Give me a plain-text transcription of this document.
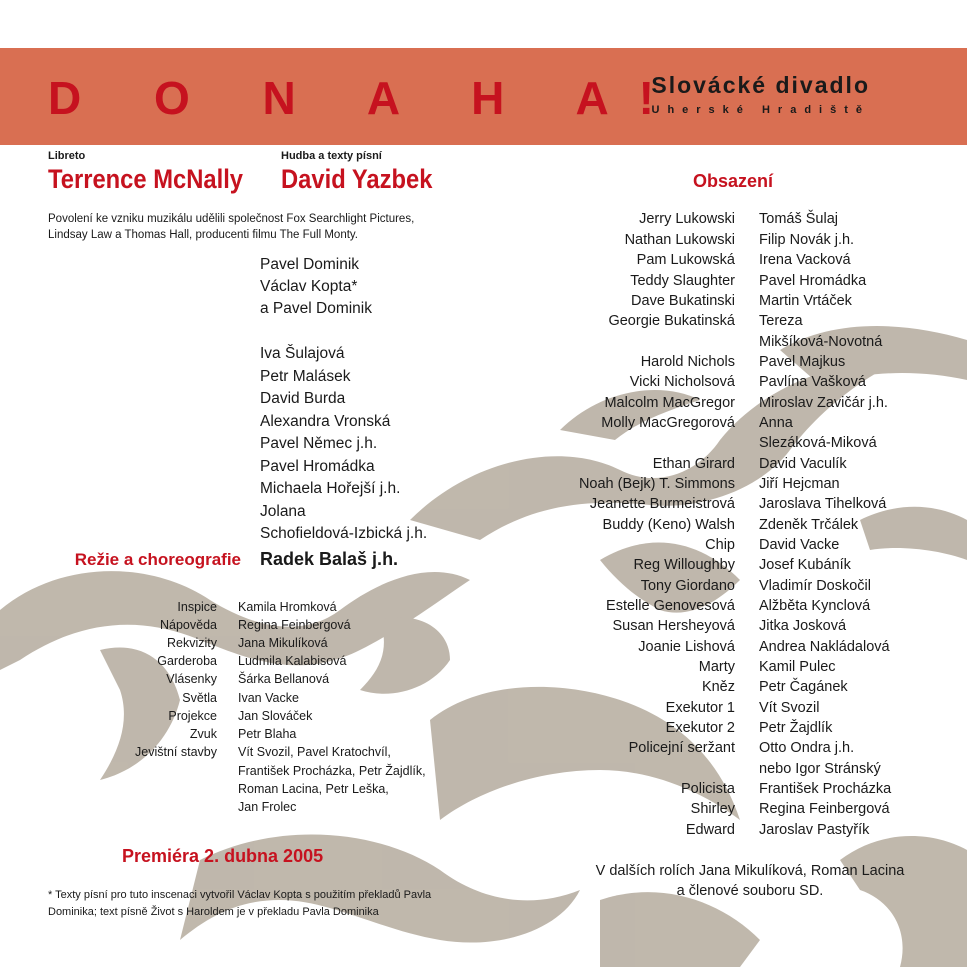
D O N A H A!
Slovácké divadlo
Uherské Hradiště
Libreto
Terrence McNally
Hudba a texty písní
David Yazbek
Povolení ke vzniku muzikálu udělili společnost Fox Searchlight Pictures, Lindsay Law a Thomas Hall, producenti filmu The Full Monty.
Pavel Dominik
Václav Kopta*
a Pavel Dominik
Iva Šulajová
Petr Malásek
David Burda
Alexandra Vronská
Pavel Němec j.h.
Pavel Hromádka
Michaela Hořejší j.h.
Jolana
Schofieldová-Izbická j.h.
Režie a choreografie Radek Balaš j.h.
Inspice Kamila Hromková
Nápověda Regina Feinbergová
Rekvizity Jana Mikulíková
Garderoba Ludmila Kalabisová
Vlásenky Šárka Bellanová
Světla Ivan Vacke
Projekce Jan Slováček
Zvuk Petr Blaha
Jevištní stavby Vít Svozil, Pavel Kratochvíl,
František Procházka, Petr Žajdlík,
Roman Lacina, Petr Leška,
Jan Frolec
Premiéra 2. dubna 2005
* Texty písní pro tuto inscenaci vytvořil Václav Kopta s použitím překladů Pavla Dominika; text písně Život s Haroldem je v překladu Pavla Dominika
Obsazení
Jerry Lukowski Tomáš Šulaj
Nathan Lukowski Filip Novák j.h.
Pam Lukowská Irena Vacková
Teddy Slaughter Pavel Hromádka
Dave Bukatinski Martin Vrtáček
Georgie Bukatinská Tereza
Mikšíková-Novotná
Harold Nichols Pavel Majkus
Vicki Nicholsová Pavlína Vašková
Malcolm MacGregor Miroslav Zavičár j.h.
Molly MacGregorová Anna
Slezáková-Miková
Ethan Girard David Vaculík
Noah (Bejk) T. Simmons Jiří Hejcman
Jeanette Burmeistrová Jaroslava Tihelková
Buddy (Keno) Walsh Zdeněk Trčálek
Chip David Vacke
Reg Willoughby Josef Kubáník
Tony Giordano Vladimír Doskočil
Estelle Genovesová Alžběta Kynclová
Susan Hersheyová Jitka Josková
Joanie Lishová Andrea Nakládalová
Marty Kamil Pulec
Kněz Petr Čagánek
Exekutor 1 Vít Svozil
Exekutor 2 Petr Žajdlík
Policejní seržant Otto Ondra j.h.
nebo Igor Stránský
Policista František Procházka
Shirley Regina Feinbergová
Edward Jaroslav Pastyřík
V dalších rolích Jana Mikulíková, Roman Lacina a členové souboru SD.
